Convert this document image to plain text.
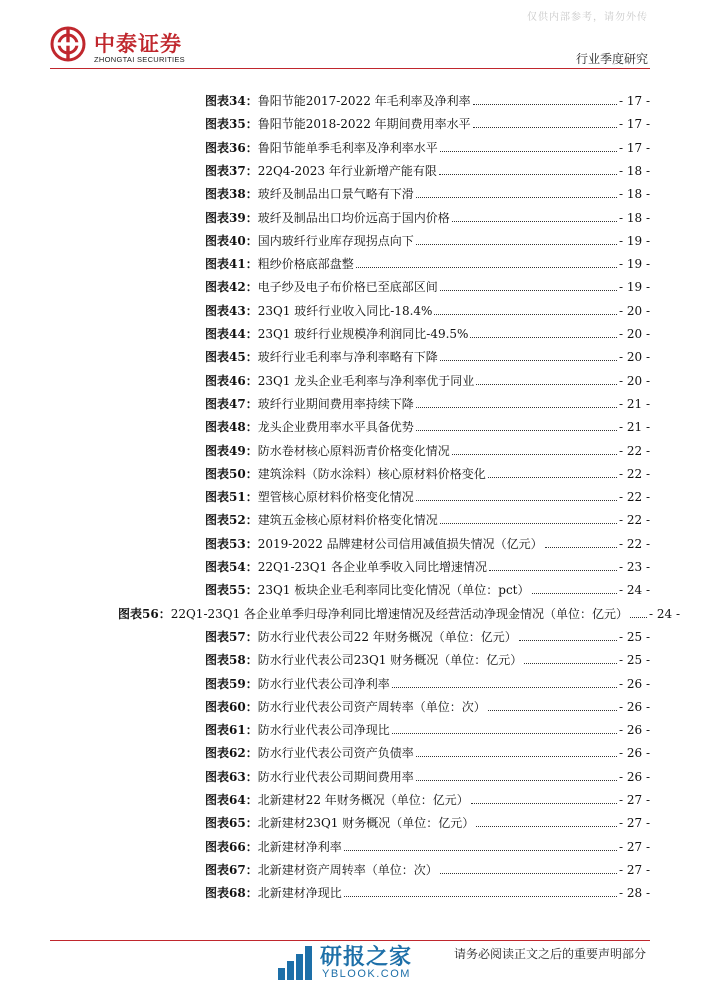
仅供内部参考，请勿外传
中泰证券
ZHONGTAI SECURITIES	行业季度研究
图表34：鲁阳节能2017-2022 年毛利率及净利率	- 17 -
图表35：鲁阳节能2018-2022 年期间费用率水平	- 17 -
图表36：鲁阳节能单季毛利率及净利率水平	- 17 -
图表37：22Q4-2023 年行业新增产能有限	- 18 -
图表38：玻纤及制品出口景气略有下滑	- 18 -
图表39：玻纤及制品出口均价远高于国内价格	- 18 -
图表40：国内玻纤行业库存现拐点向下	- 19 -
图表41：粗纱价格底部盘整	- 19 -
图表42：电子纱及电子布价格已至底部区间	- 19 -
图表43：23Q1 玻纤行业收入同比-18.4%	- 20 -
图表44：23Q1 玻纤行业规模净利润同比-49.5%	- 20 -
图表45：玻纤行业毛利率与净利率略有下降	- 20 -
图表46：23Q1 龙头企业毛利率与净利率优于同业	- 20 -
图表47：玻纤行业期间费用率持续下降	- 21 -
图表48：龙头企业费用率水平具备优势	- 21 -
图表49：防水卷材核心原料沥青价格变化情况	- 22 -
图表50：建筑涂料（防水涂料）核心原材料价格变化	- 22 -
图表51：塑管核心原材料价格变化情况	- 22 -
图表52：建筑五金核心原材料价格变化情况	- 22 -
图表53：2019-2022 品牌建材公司信用减值损失情况（亿元）	- 22 -
图表54：22Q1-23Q1 各企业单季收入同比增速情况	- 23 -
图表55：23Q1 板块企业毛利率同比变化情况（单位：pct）	- 24 -
图表56：22Q1-23Q1 各企业单季归母净利同比增速情况及经营活动净现金情况（单位：亿元） - 24 -
图表57：防水行业代表公司22 年财务概况（单位：亿元）	- 25 -
图表58：防水行业代表公司23Q1 财务概况（单位：亿元）	- 25 -
图表59：防水行业代表公司净利率	- 26 -
图表60：防水行业代表公司资产周转率（单位：次）	- 26 -
图表61：防水行业代表公司净现比	- 26 -
图表62：防水行业代表公司资产负债率	- 26 -
图表63：防水行业代表公司期间费用率	- 26 -
图表64：北新建材22 年财务概况（单位：亿元）	- 27 -
图表65：北新建材23Q1 财务概况（单位：亿元）	- 27 -
图表66：北新建材净利率	- 27 -
图表67：北新建材资产周转率（单位：次）	- 27 -
图表68：北新建材净现比	- 28 -
研报之家
YBLOOK.COM
请务必阅读正文之后的重要声明部分
